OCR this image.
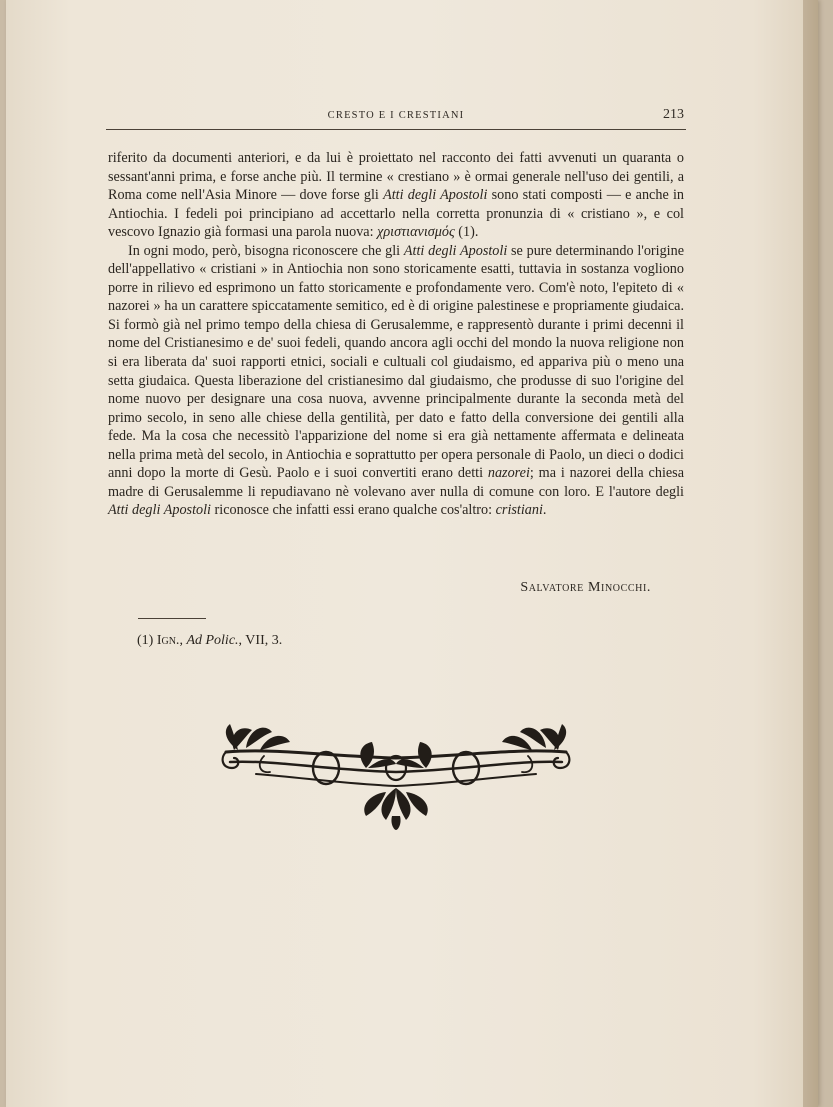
CRESTO E I CRESTIANI	213

riferito da documenti anteriori, e da lui è proiettato nel racconto dei fatti avvenuti un quaranta o sessant'anni prima, e forse anche più. Il termine « crestiano » è ormai generale nell'uso dei gentili, a Roma come nell'Asia Minore — dove forse gli Atti degli Apostoli sono stati composti — e anche in Antiochia. I fedeli poi principiano ad accettarlo nella corretta pronunzia di « cristiano », e col vescovo Ignazio già formasi una parola nuova: χριστιανισμός (1).

In ogni modo, però, bisogna riconoscere che gli Atti degli Apostoli se pure determinando l'origine dell'appellativo « cristiani » in Antiochia non sono storicamente esatti, tuttavia in sostanza vogliono porre in rilievo ed esprimono un fatto storicamente e profondamente vero. Com'è noto, l'epiteto di « nazorei » ha un carattere spiccatamente semitico, ed è di origine palestinese e propriamente giudaica. Si formò già nel primo tempo della chiesa di Gerusalemme, e rappresentò durante i primi decenni il nome del Cristianesimo e de' suoi fedeli, quando ancora agli occhi del mondo la nuova religione non si era liberata da' suoi rapporti etnici, sociali e cultuali col giudaismo, ed appariva più o meno una setta giudaica. Questa liberazione del cristianesimo dal giudaismo, che produsse di suo l'origine del nome nuovo per designare una cosa nuova, avvenne principalmente durante la seconda metà del primo secolo, in seno alle chiese della gentilità, per dato e fatto della conversione dei gentili alla fede. Ma la cosa che necessitò l'apparizione del nome si era già nettamente affermata e delineata nella prima metà del secolo, in Antiochia e soprattutto per opera personale di Paolo, un dieci o dodici anni dopo la morte di Gesù. Paolo e i suoi convertiti erano detti nazorei; ma i nazorei della chiesa madre di Gerusalemme li repudiavano nè volevano aver nulla di comune con loro. E l'autore degli Atti degli Apostoli riconosce che infatti essi erano qualche cos'altro: cristiani.

Salvatore Minocchi.
(1) Ign., Ad Polic., VII, 3.
